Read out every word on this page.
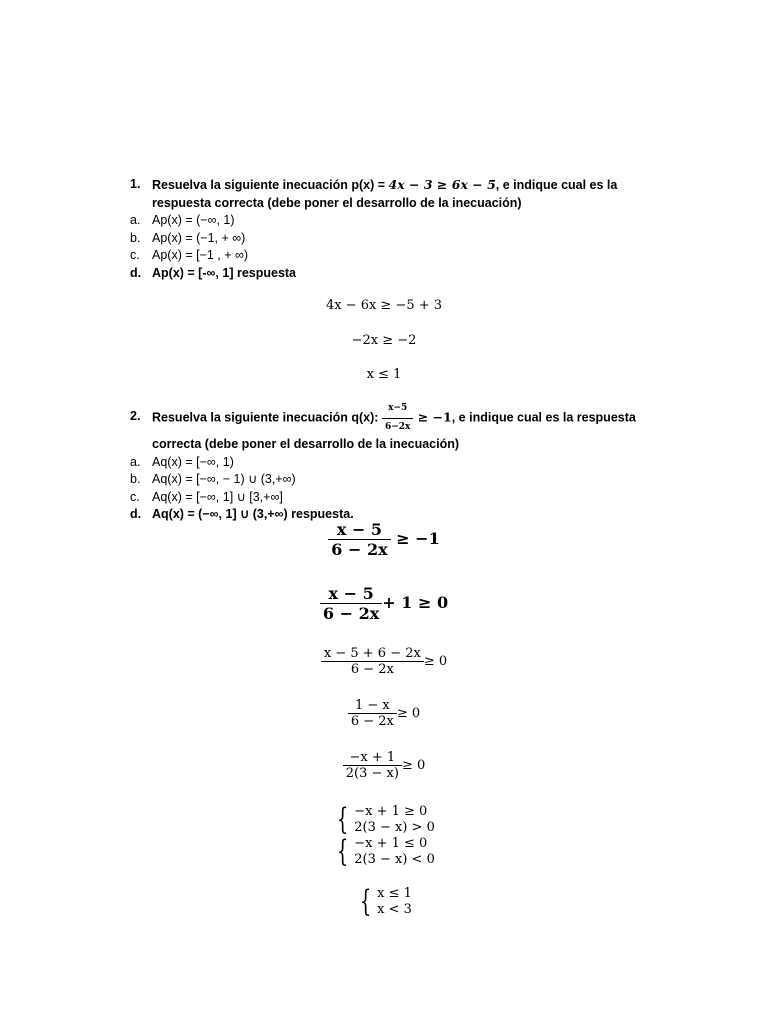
1. Resuelva la siguiente inecuación p(x) = 4x − 3 ≥ 6x − 5, e indique cual es la respuesta correcta (debe poner el desarrollo de la inecuación)
a. Ap(x) = (−∞, 1)
b. Ap(x) = (−1, + ∞)
c. Ap(x) = [−1 , + ∞)
d. Ap(x) = [-∞, 1] respuesta
4x − 6x ≥ −5 + 3
−2x ≥ −2
x ≤ 1
2. Resuelva la siguiente inecuación q(x): $\frac{x-5}{6-2x} \ge -1$, e indique cual es la respuesta correcta (debe poner el desarrollo de la inecuación)
a. Aq(x) = [−∞, 1)
b. Aq(x) = [−∞, − 1) ∪ (3,+∞)
c. Aq(x) = [−∞, 1] ∪ [3,+∞]
d. Aq(x) = (−∞, 1] ∪ (3,+∞) respuesta.
$\frac{x - 5}{6 - 2x} \ge -1$
$\frac{x - 5}{6 - 2x} + 1 \ge 0$
$\frac{x - 5 + 6 - 2x}{6 - 2x} \ge 0$
$\frac{1 - x}{6 - 2x} \ge 0$
$\frac{-x + 1}{2(3 - x)} \ge 0$
{ −x + 1 ≥ 0
2(3 − x) > 0
{ −x + 1 ≤ 0
2(3 − x) < 0
{ x ≤ 1
x < 3
